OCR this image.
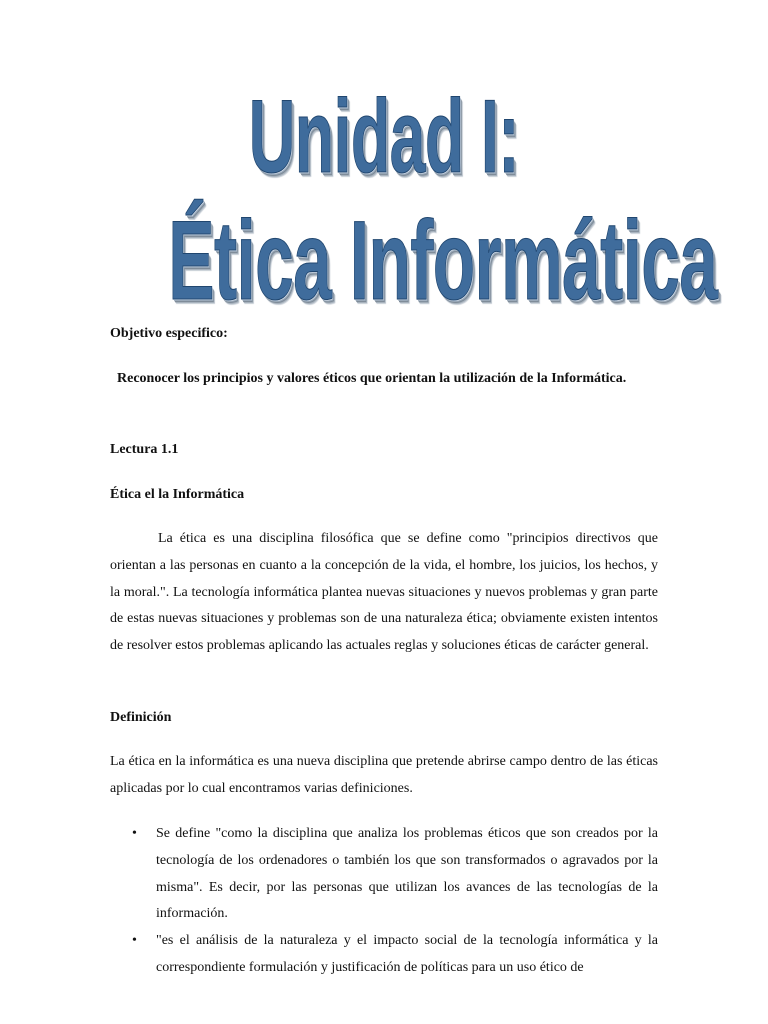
Unidad I:
Ética Informática
Objetivo especifico:
Reconocer los principios y valores éticos que orientan la utilización de la Informática.
Lectura 1.1
Ética el la Informática
La ética es una disciplina filosófica que se define como "principios directivos que orientan a las personas en cuanto a la concepción de la vida, el hombre, los juicios, los hechos, y la moral.". La tecnología informática plantea nuevas situaciones y nuevos problemas y gran parte de estas nuevas situaciones y problemas son de una naturaleza ética; obviamente existen intentos de resolver estos problemas aplicando las actuales reglas y soluciones éticas de carácter general.
Definición
La ética en la informática es una nueva disciplina que pretende abrirse campo dentro de las éticas aplicadas por lo cual encontramos varias definiciones.
• Se define "como la disciplina que analiza los problemas éticos que son creados por la tecnología de los ordenadores o también los que son transformados o agravados por la misma". Es decir, por las personas que utilizan los avances de las tecnologías de la información.
• "es el análisis de la naturaleza y el impacto social de la tecnología informática y la correspondiente formulación y justificación de políticas para un uso ético de
